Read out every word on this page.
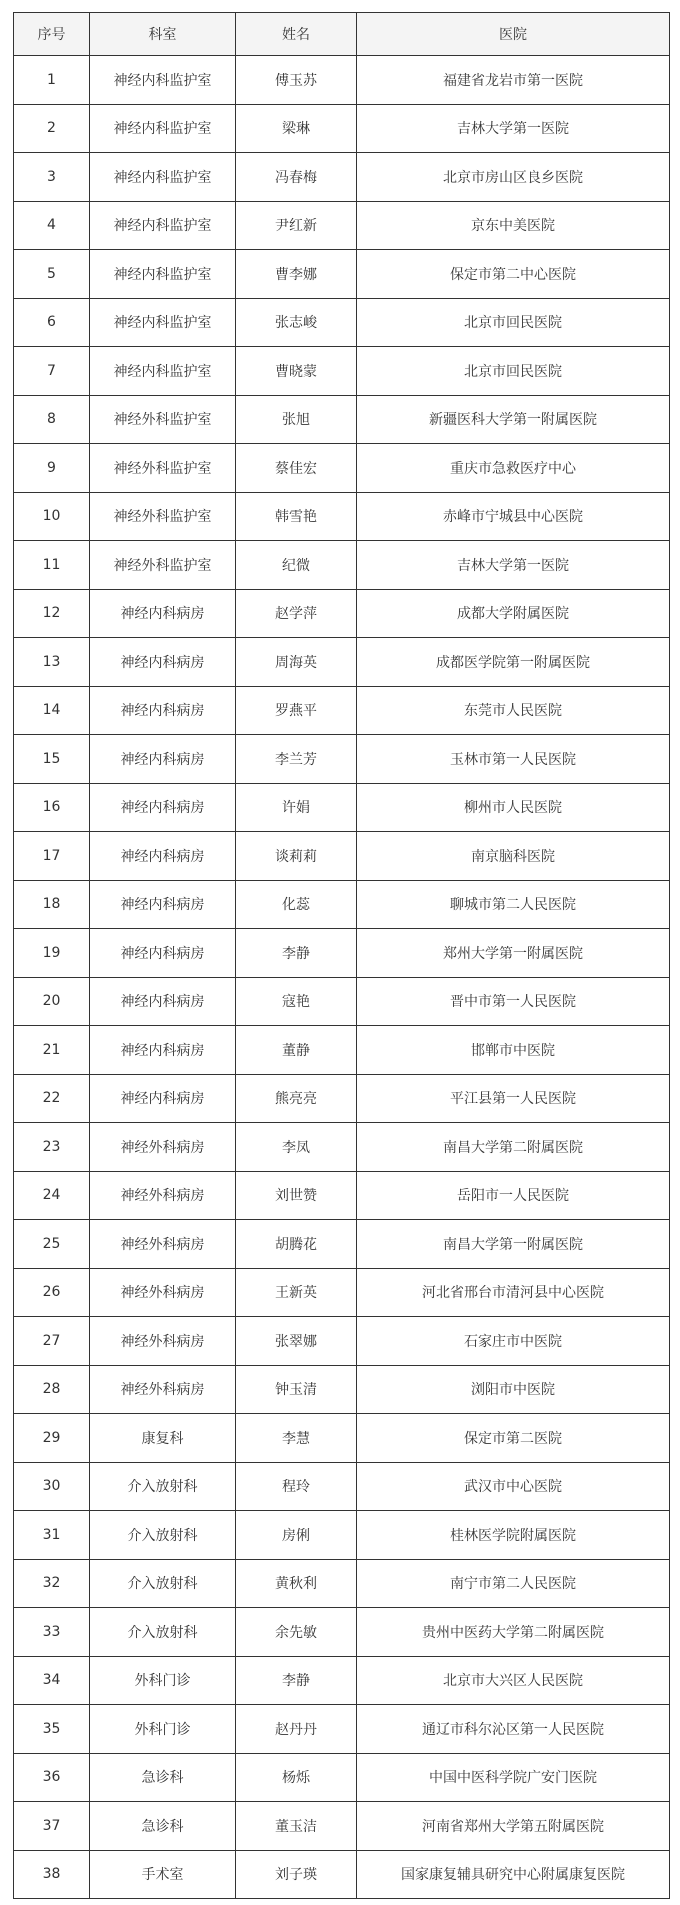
序号	科室	姓名	医院
1	神经内科监护室	傅玉苏	福建省龙岩市第一医院
2	神经内科监护室	梁琳	吉林大学第一医院
3	神经内科监护室	冯春梅	北京市房山区良乡医院
4	神经内科监护室	尹红新	京东中美医院
5	神经内科监护室	曹李娜	保定市第二中心医院
6	神经内科监护室	张志峻	北京市回民医院
7	神经内科监护室	曹晓蒙	北京市回民医院
8	神经外科监护室	张旭	新疆医科大学第一附属医院
9	神经外科监护室	蔡佳宏	重庆市急救医疗中心
10	神经外科监护室	韩雪艳	赤峰市宁城县中心医院
11	神经外科监护室	纪微	吉林大学第一医院
12	神经内科病房	赵学萍	成都大学附属医院
13	神经内科病房	周海英	成都医学院第一附属医院
14	神经内科病房	罗燕平	东莞市人民医院
15	神经内科病房	李兰芳	玉林市第一人民医院
16	神经内科病房	许娟	柳州市人民医院
17	神经内科病房	谈莉莉	南京脑科医院
18	神经内科病房	化蕊	聊城市第二人民医院
19	神经内科病房	李静	郑州大学第一附属医院
20	神经内科病房	寇艳	晋中市第一人民医院
21	神经内科病房	董静	邯郸市中医院
22	神经内科病房	熊亮亮	平江县第一人民医院
23	神经外科病房	李凤	南昌大学第二附属医院
24	神经外科病房	刘世赞	岳阳市一人民医院
25	神经外科病房	胡腾花	南昌大学第一附属医院
26	神经外科病房	王新英	河北省邢台市清河县中心医院
27	神经外科病房	张翠娜	石家庄市中医院
28	神经外科病房	钟玉清	浏阳市中医院
29	康复科	李慧	保定市第二医院
30	介入放射科	程玲	武汉市中心医院
31	介入放射科	房俐	桂林医学院附属医院
32	介入放射科	黄秋利	南宁市第二人民医院
33	介入放射科	余先敏	贵州中医药大学第二附属医院
34	外科门诊	李静	北京市大兴区人民医院
35	外科门诊	赵丹丹	通辽市科尔沁区第一人民医院
36	急诊科	杨烁	中国中医科学院广安门医院
37	急诊科	董玉洁	河南省郑州大学第五附属医院
38	手术室	刘子瑛	国家康复辅具研究中心附属康复医院
